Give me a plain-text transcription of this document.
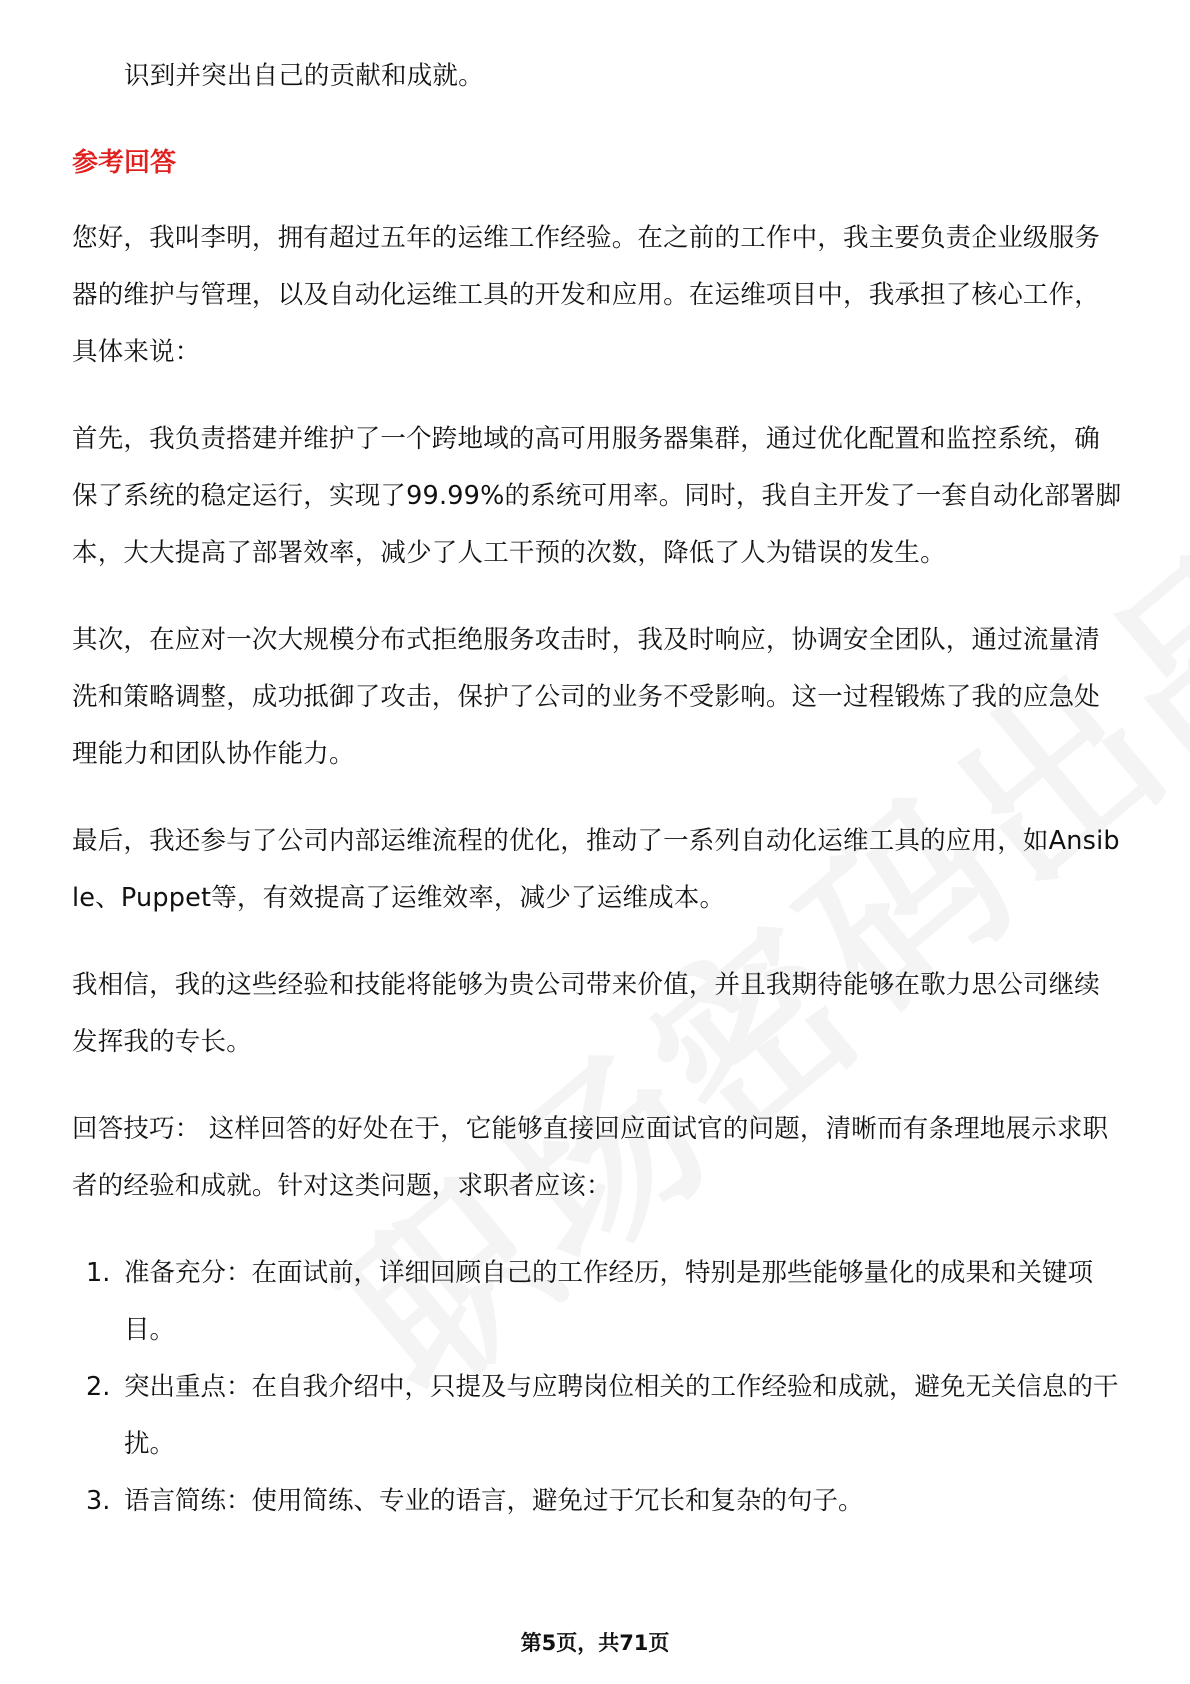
识到并突出自己的贡献和成就。

参考回答

您好，我叫李明，拥有超过五年的运维工作经验。在之前的工作中，我主要负责企业级服务器的维护与管理，以及自动化运维工具的开发和应用。在运维项目中，我承担了核心工作，具体来说：

首先，我负责搭建并维护了一个跨地域的高可用服务器集群，通过优化配置和监控系统，确保了系统的稳定运行，实现了99.99%的系统可用率。同时，我自主开发了一套自动化部署脚本，大大提高了部署效率，减少了人工干预的次数，降低了人为错误的发生。

其次，在应对一次大规模分布式拒绝服务攻击时，我及时响应，协调安全团队，通过流量清洗和策略调整，成功抵御了攻击，保护了公司的业务不受影响。这一过程锻炼了我的应急处理能力和团队协作能力。

最后，我还参与了公司内部运维流程的优化，推动了一系列自动化运维工具的应用，如Ansible、Puppet等，有效提高了运维效率，减少了运维成本。

我相信，我的这些经验和技能将能够为贵公司带来价值，并且我期待能够在歌力思公司继续发挥我的专长。

回答技巧： 这样回答的好处在于，它能够直接回应面试官的问题，清晰而有条理地展示求职者的经验和成就。针对这类问题，求职者应该：

1. 准备充分：在面试前，详细回顾自己的工作经历，特别是那些能够量化的成果和关键项目。
2. 突出重点：在自我介绍中，只提及与应聘岗位相关的工作经验和成就，避免无关信息的干扰。
3. 语言简练：使用简练、专业的语言，避免过于冗长和复杂的句子。
第5页，共71页
